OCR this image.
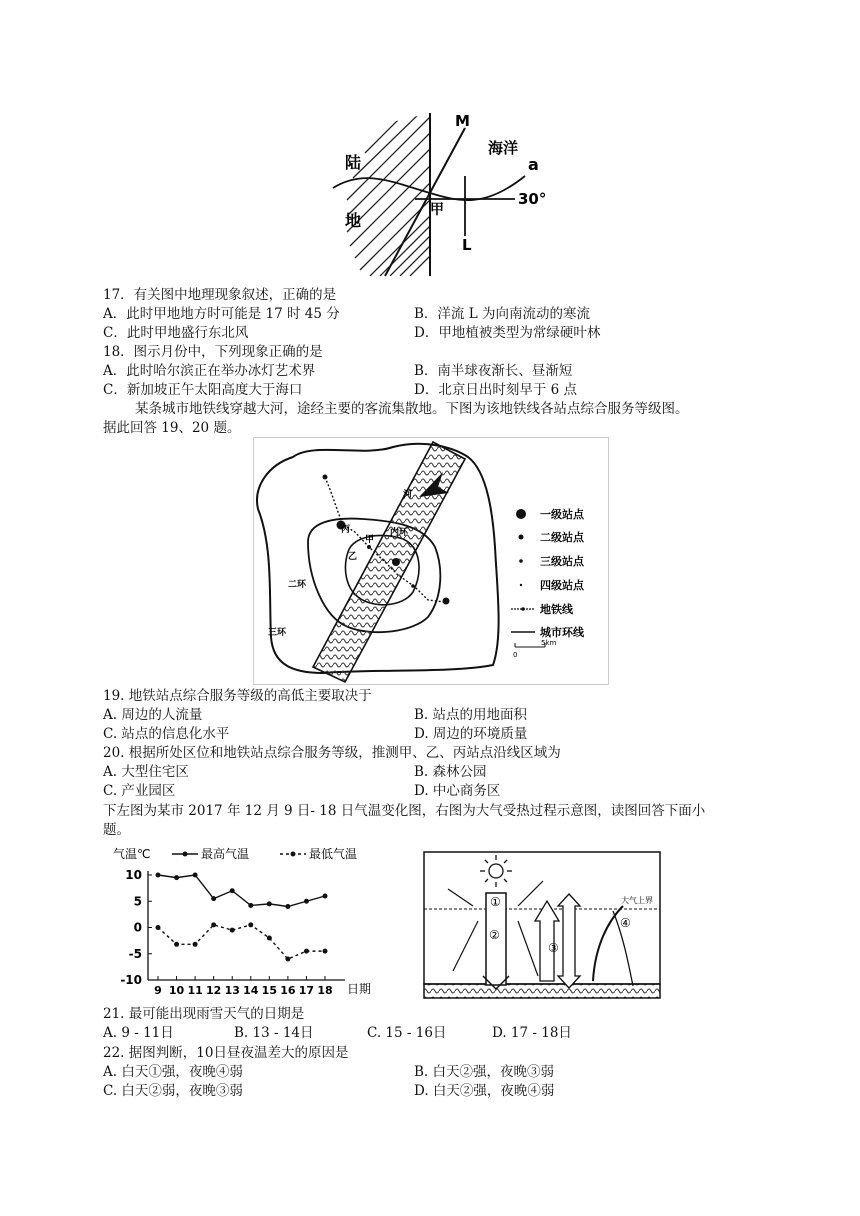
陆
地
海洋
M
a
30°
甲
L
17．有关图中地理现象叙述，正确的是
A．此时甲地地方时可能是 17 时 45 分	B．洋流 L 为向南流动的寒流
C．此时甲地盛行东北风	D．甲地植被类型为常绿硬叶林
18．图示月份中，下列现象正确的是
A．此时哈尔滨正在举办冰灯艺术界	B．南半球夜渐长、昼渐短
C．新加坡正午太阳高度大于海口	D．北京日出时刻早于 6 点
某条城市地铁线穿越大河，途经主要的客流集散地。下图为该地铁线各站点综合服务等级图。
据此回答 19、20 题。
河
内环
二环
三环
甲
乙
丙
一级站点
二级站点
三级站点
四级站点
地铁线
城市环线
0
5km
19. 地铁站点综合服务等级的高低主要取决于
A. 周边的人流量	B. 站点的用地面积
C. 站点的信息化水平	D. 周边的环境质量
20. 根据所处区位和地铁站点综合服务等级，推测甲、乙、丙站点沿线区域为
A. 大型住宅区	B. 森林公园
C. 产业园区	D. 中心商务区
下左图为某市 2017 年 12 月 9 日- 18 日气温变化图，右图为大气受热过程示意图，读图回答下面小
题。
10
5
0
-5
-10
9 10 11 12 13 14 15 16 17 18
气温℃
日期
最高气温	最低气温
大气上界
①
②
③
④
21. 最可能出现雨雪天气的日期是
A. 9 - 11日	B. 13 - 14日	C. 15 - 16日	D. 17 - 18日
22. 据图判断，10日昼夜温差大的原因是
A. 白天①强，夜晚④弱	B. 白天②强，夜晚③弱
C. 白天②弱，夜晚③弱	D. 白天②强，夜晚④弱
